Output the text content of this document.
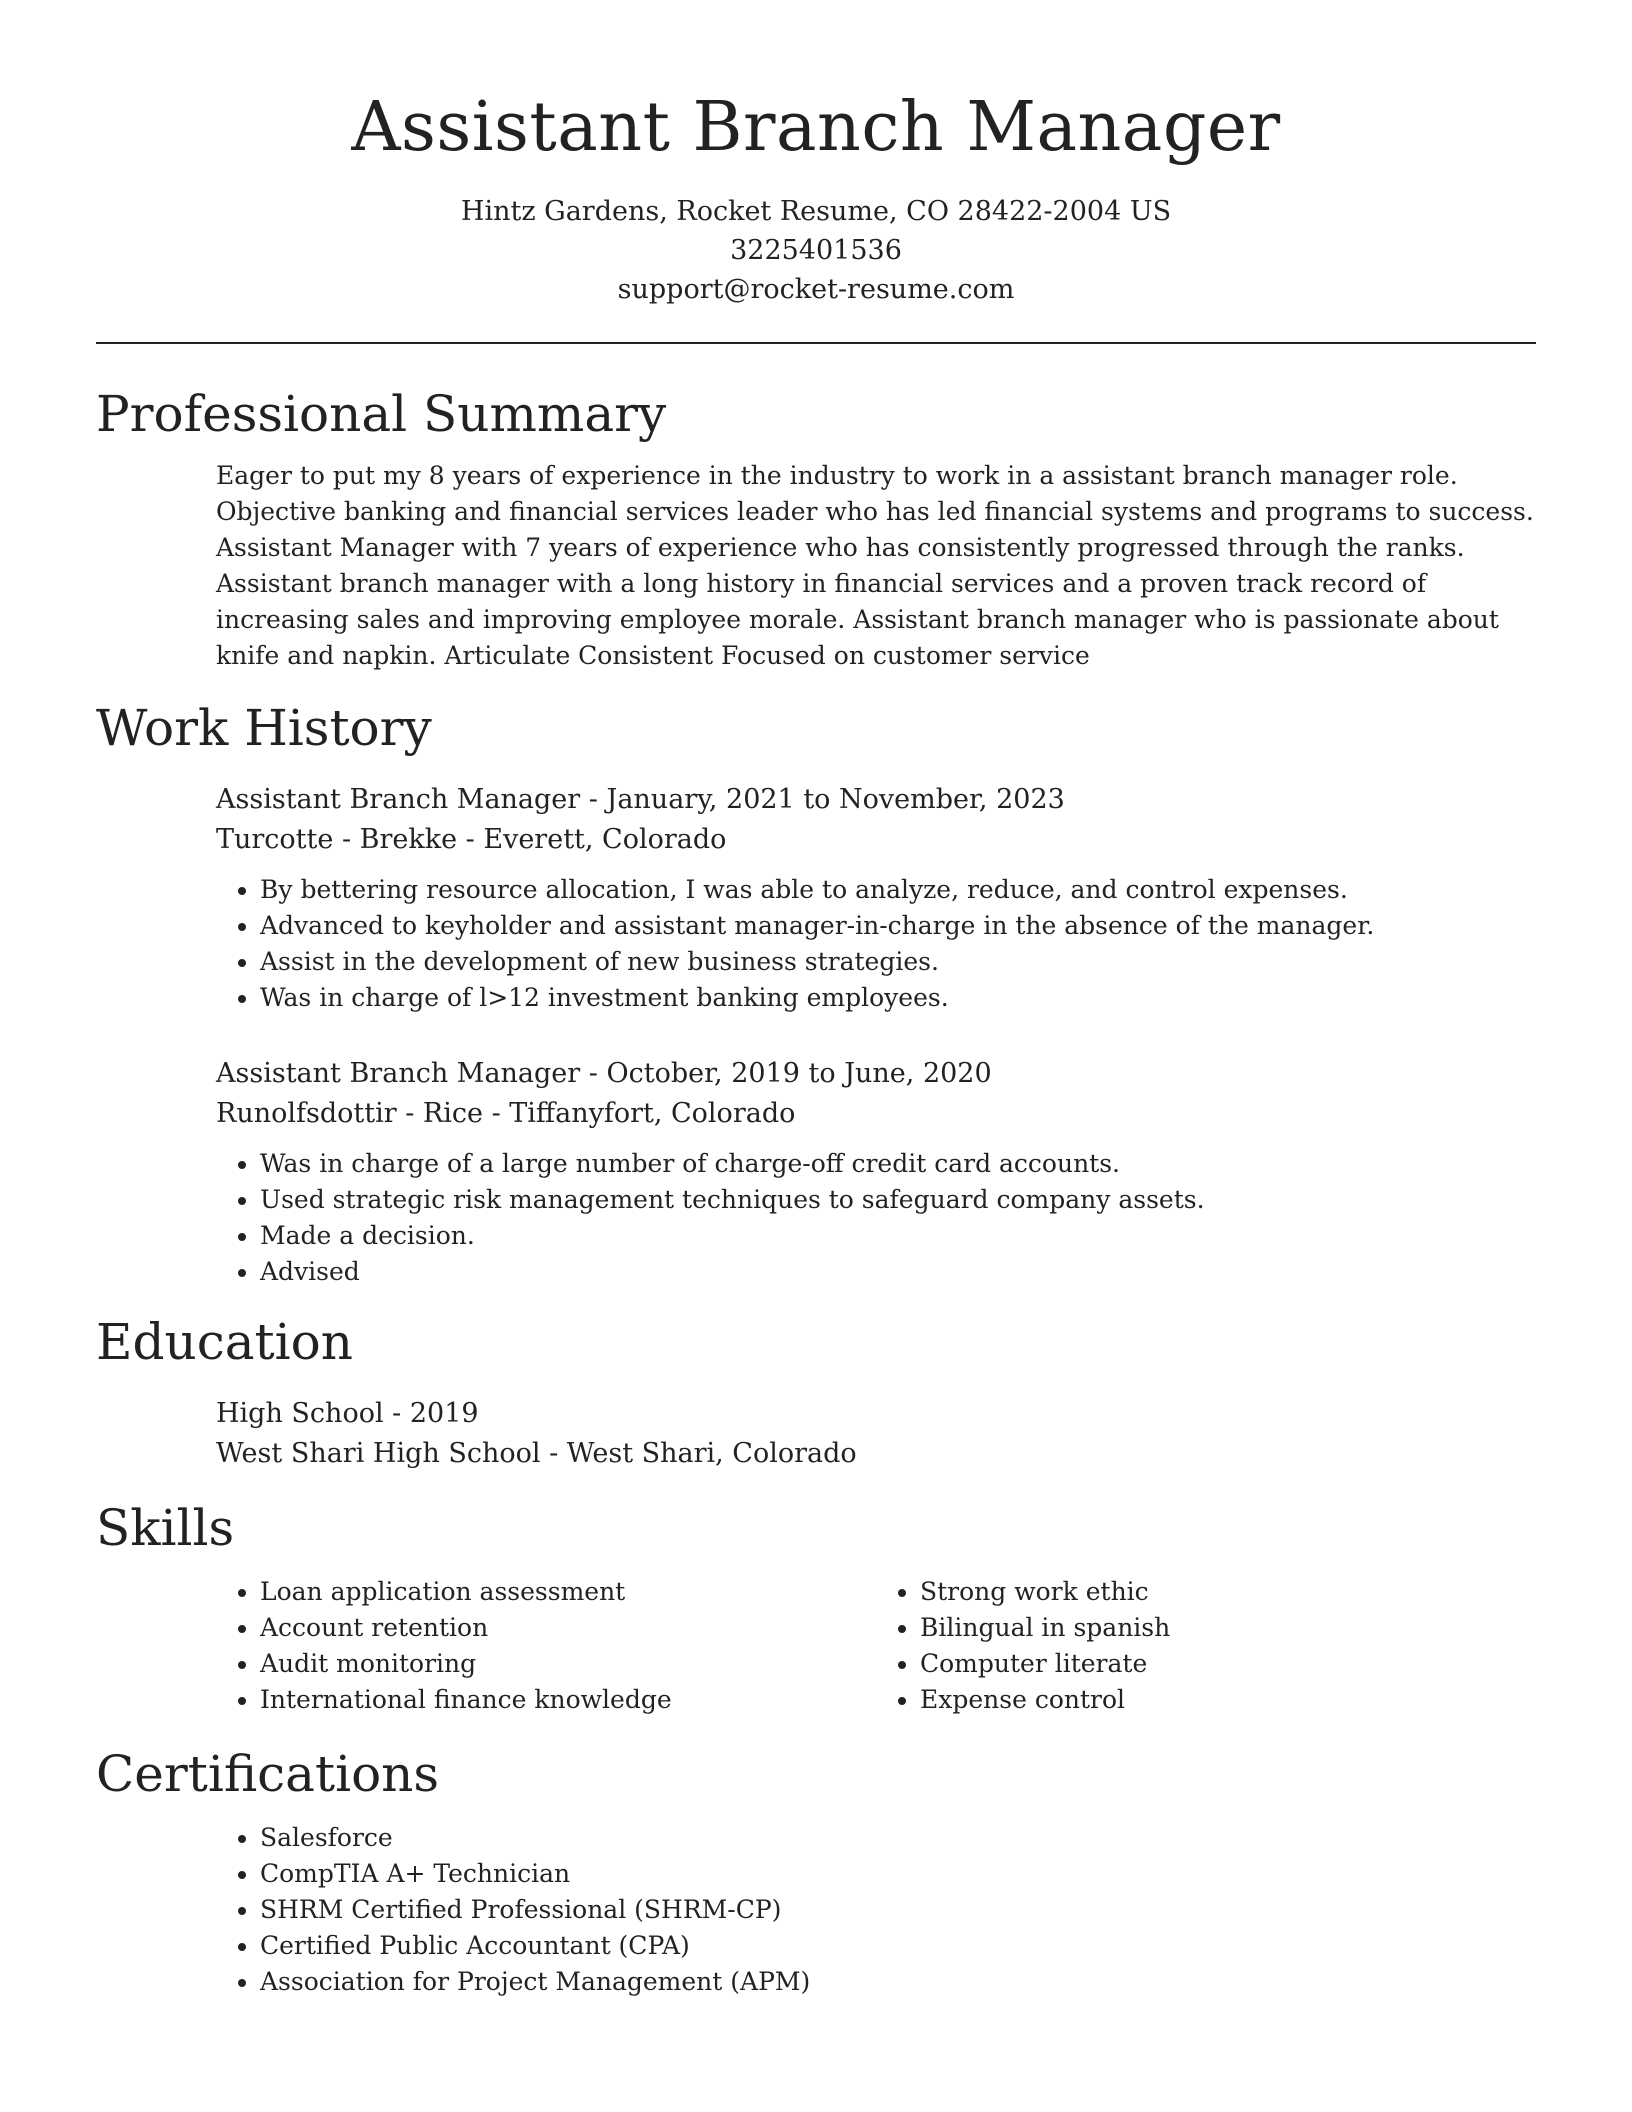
Assistant Branch Manager
Hintz Gardens, Rocket Resume, CO 28422-2004 US
3225401536
support@rocket-resume.com
Professional Summary
Eager to put my 8 years of experience in the industry to work in a assistant branch manager role. Objective banking and financial services leader who has led financial systems and programs to success. Assistant Manager with 7 years of experience who has consistently progressed through the ranks. Assistant branch manager with a long history in financial services and a proven track record of increasing sales and improving employee morale. Assistant branch manager who is passionate about knife and napkin. Articulate Consistent Focused on customer service
Work History
Assistant Branch Manager - January, 2021 to November, 2023
Turcotte - Brekke - Everett, Colorado
• By bettering resource allocation, I was able to analyze, reduce, and control expenses.
• Advanced to keyholder and assistant manager-in-charge in the absence of the manager.
• Assist in the development of new business strategies.
• Was in charge of l>12 investment banking employees.
Assistant Branch Manager - October, 2019 to June, 2020
Runolfsdottir - Rice - Tiffanyfort, Colorado
• Was in charge of a large number of charge-off credit card accounts.
• Used strategic risk management techniques to safeguard company assets.
• Made a decision.
• Advised
Education
High School - 2019
West Shari High School - West Shari, Colorado
Skills
• Loan application assessment
• Account retention
• Audit monitoring
• International finance knowledge
• Strong work ethic
• Bilingual in spanish
• Computer literate
• Expense control
Certifications
• Salesforce
• CompTIA A+ Technician
• SHRM Certified Professional (SHRM-CP)
• Certified Public Accountant (CPA)
• Association for Project Management (APM)
